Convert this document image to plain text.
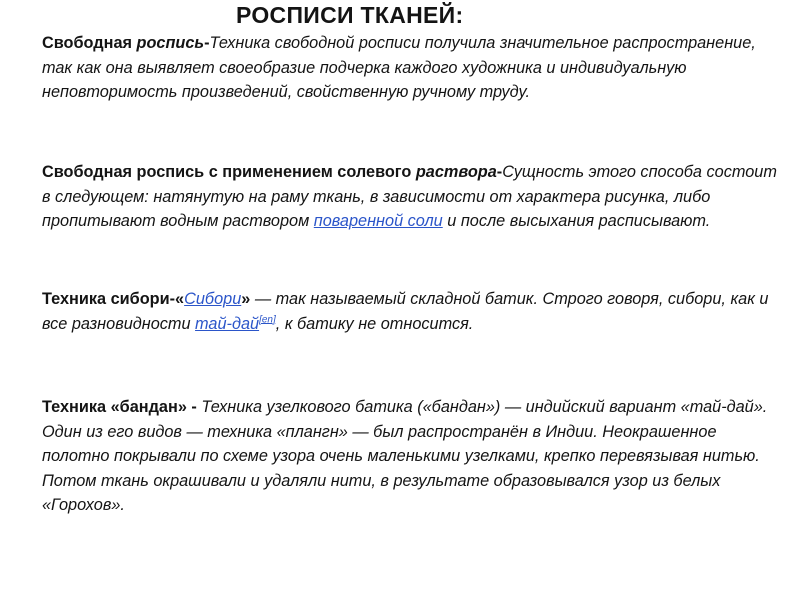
РОСПИСИ ТКАНЕЙ:

Свободная роспись-Техника свободной росписи получила значительное распространение, так как она выявляет своеобразие подчерка каждого художника и индивидуальную неповторимость произведений, свойственную ручному труду.

Свободная роспись с применением солевого раствора-Сущность этого способа состоит в следующем: натянутую на раму ткань, в зависимости от характера рисунка, либо пропитывают водным раствором поваренной соли и после высыхания расписывают.

Техника сибори-«Сибори» — так называемый складной батик. Строго говоря, сибори, как и все разновидности тай-дай[en], к батику не относится.

Техника «бандан» - Техника узелкового батика («бандан») — индийский вариант «тай-дай». Один из его видов — техника «плангн» — был распространён в Индии. Неокрашенное полотно покрывали по схеме узора очень маленькими узелками, крепко перевязывая нитью. Потом ткань окрашивали и удаляли нити, в результате образовывался узор из белых «Горохов».
